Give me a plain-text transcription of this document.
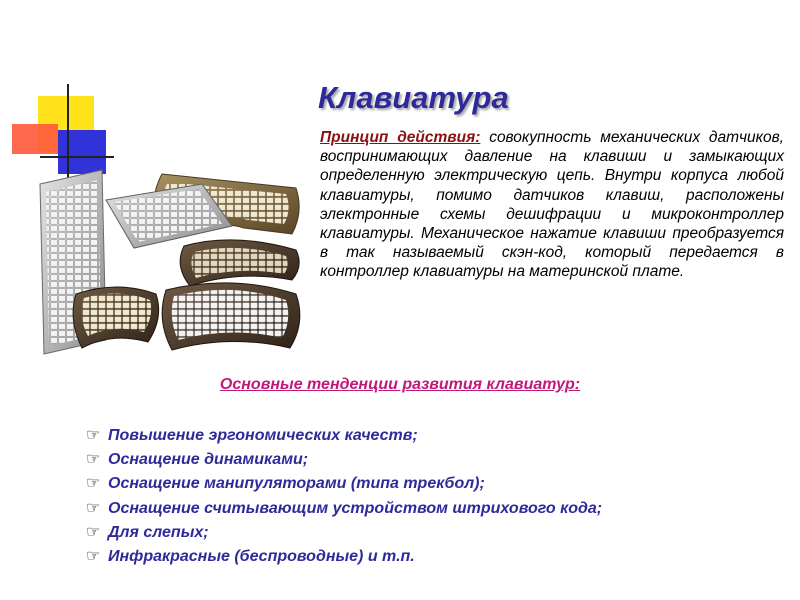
Клавиатура

Принцип действия: совокупность механических датчиков, воспринимающих давление на клавиши и замыкающих определенную электрическую цепь. Внутри корпуса любой клавиатуры, помимо датчиков клавиш, расположены электронные схемы дешифрации и микроконтроллер клавиатуры. Механическое нажатие клавиши преобразуется в так называемый скэн-код, который передается в контроллер клавиатуры на материнской плате.

Основные тенденции развития клавиатур:
☞ Повышение эргономических качеств;
☞ Оснащение динамиками;
☞ Оснащение манипуляторами (типа трекбол);
☞ Оснащение считывающим устройством штрихового кода;
☞ Для слепых;
☞ Инфракрасные (беспроводные) и т.п.
